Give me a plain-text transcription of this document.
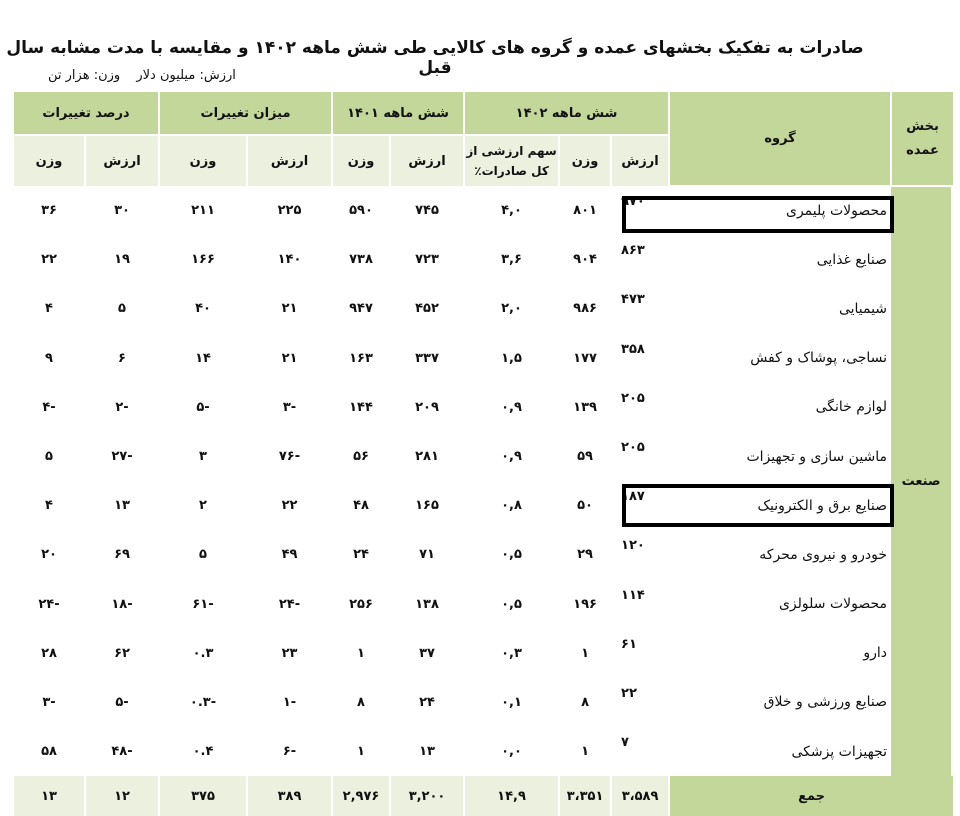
صادرات به تفکیک بخشهای عمده و گروه های کالایی طی شش ماهه ۱۴۰۲ و مقایسه با مدت مشابه سال قبل
ارزش: میلیون دلار وزن: هزار تن
بخش عمده	گروه	شش ماهه ۱۴۰۲			شش ماهه ۱۴۰۱		میزان تغییرات		درصد تغییرات	
		ارزش	وزن	سهم ارزشی از کل صادرات٪	ارزش	وزن	ارزش	وزن	ارزش	وزن
صنعت	محصولات پلیمری	۹۷۰	۸۰۱	۴,۰	۷۴۵	۵۹۰	۲۲۵	۲۱۱	۳۰	۳۶
	صنایع غذایی	۸۶۳	۹۰۴	۳,۶	۷۲۳	۷۳۸	۱۴۰	۱۶۶	۱۹	۲۲
	شیمیایی	۴۷۳	۹۸۶	۲,۰	۴۵۲	۹۴۷	۲۱	۴۰	۵	۴
	نساجی، پوشاک و کفش	۳۵۸	۱۷۷	۱,۵	۳۳۷	۱۶۳	۲۱	۱۴	۶	۹
	لوازم خانگی	۲۰۵	۱۳۹	۰,۹	۲۰۹	۱۴۴	-۳	-۵	-۲	-۴
	ماشین سازی و تجهیزات	۲۰۵	۵۹	۰,۹	۲۸۱	۵۶	-۷۶	۳	-۲۷	۵
	صنایع برق و الکترونیک	۱۸۷	۵۰	۰,۸	۱۶۵	۴۸	۲۲	۲	۱۳	۴
	خودرو و نیروی محرکه	۱۲۰	۲۹	۰,۵	۷۱	۲۴	۴۹	۵	۶۹	۲۰
	محصولات سلولزی	۱۱۴	۱۹۶	۰,۵	۱۳۸	۲۵۶	-۲۴	-۶۱	-۱۸	-۲۴
	دارو	۶۱	۱	۰,۳	۳۷	۱	۲۳	۰.۳	۶۲	۲۸
	صنایع ورزشی و خلاق	۲۲	۸	۰,۱	۲۴	۸	-۱	-۰.۳	-۵	-۳
	تجهیزات پزشکی	۷	۱	۰,۰	۱۳	۱	-۶	۰.۴	-۴۸	۵۸
جمع		۳،۵۸۹	۳،۳۵۱	۱۴,۹	۳,۲۰۰	۲,۹۷۶	۳۸۹	۳۷۵	۱۲	۱۳
